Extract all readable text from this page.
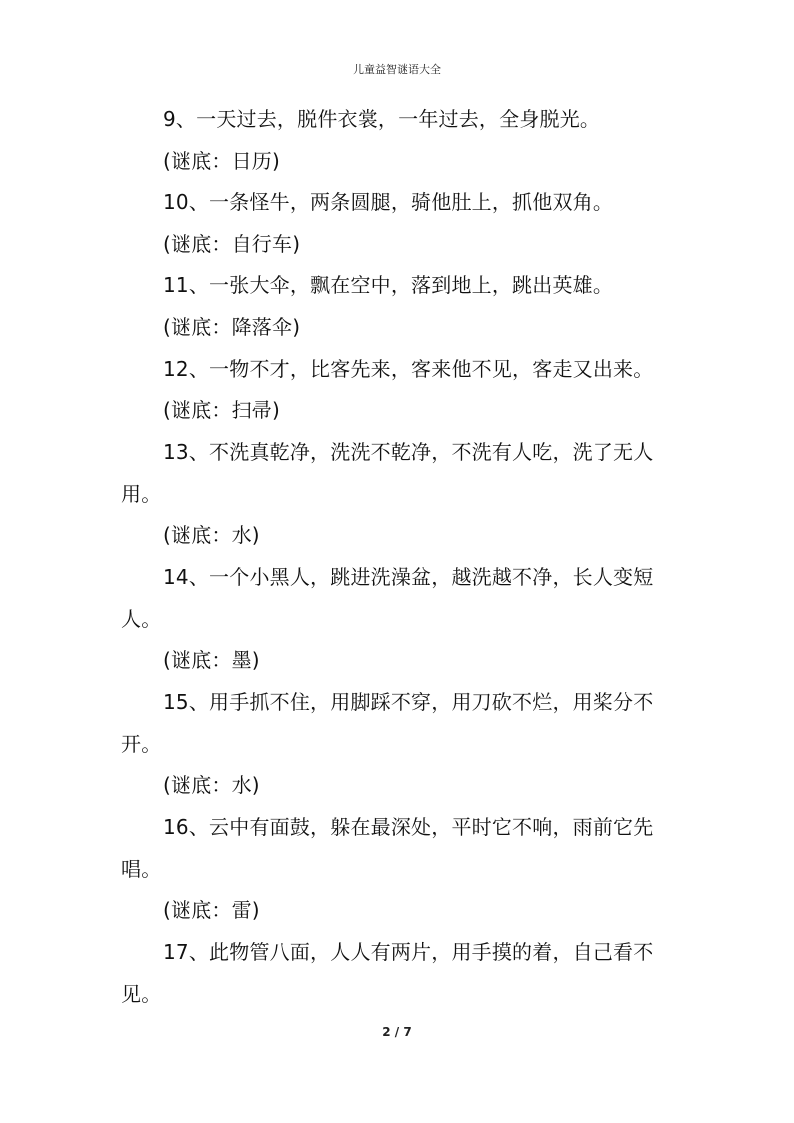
儿童益智谜语大全
9、一天过去，脱件衣裳，一年过去，全身脱光。
(谜底：日历)
10、一条怪牛，两条圆腿，骑他肚上，抓他双角。
(谜底：自行车)
11、一张大伞，飘在空中，落到地上，跳出英雄。
(谜底：降落伞)
12、一物不才，比客先来，客来他不见，客走又出来。
(谜底：扫帚)
13、不洗真乾净，洗洗不乾净，不洗有人吃，洗了无人
用。
(谜底：水)
14、一个小黑人，跳进洗澡盆，越洗越不净，长人变短
人。
(谜底：墨)
15、用手抓不住，用脚踩不穿，用刀砍不烂，用桨分不
开。
(谜底：水)
16、云中有面鼓，躲在最深处，平时它不响，雨前它先
唱。
(谜底：雷)
17、此物管八面，人人有两片，用手摸的着，自己看不
见。
2 / 7
